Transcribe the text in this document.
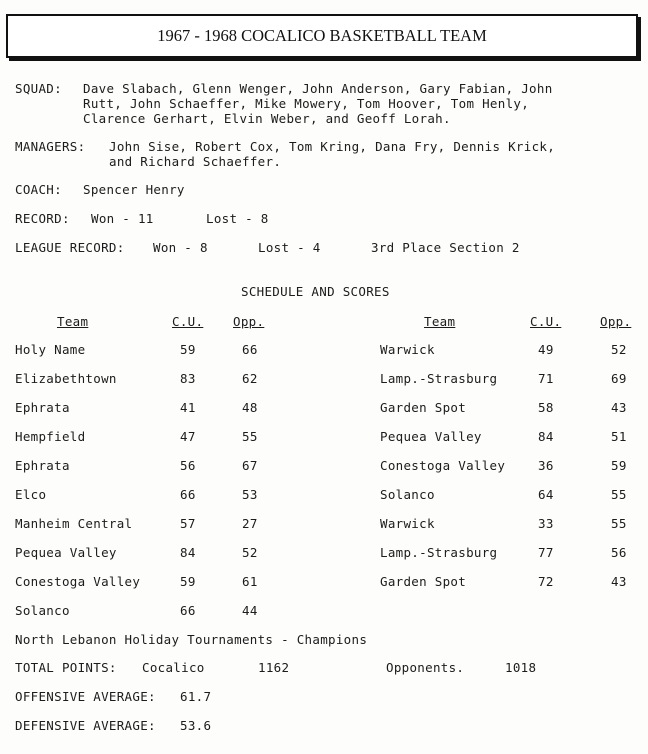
1967 - 1968 COCALICO BASKETBALL TEAM
SQUAD: Dave Slabach, Glenn Wenger, John Anderson, Gary Fabian, John
Rutt, John Schaeffer, Mike Mowery, Tom Hoover, Tom Henly,
Clarence Gerhart, Elvin Weber, and Geoff Lorah.
MANAGERS: John Sise, Robert Cox, Tom Kring, Dana Fry, Dennis Krick,
and Richard Schaeffer.
COACH: Spencer Henry
RECORD: Won - 11	Lost - 8
LEAGUE RECORD: Won - 8	Lost - 4	3rd Place Section 2
SCHEDULE AND SCORES
Team	C.U. Opp.	Team	C.U.	Opp.
Holy Name	59	66
Elizabethtown	83	62
Ephrata	41	48
Hempfield	47	55
Ephrata	56	67
Elco	66	53
Manheim Central	57	27
Pequea Valley	84	52
Conestoga Valley	59	61
Solanco	66	44
Warwick	49	52
Lamp.-Strasburg	71	69
Garden Spot	58	43
Pequea Valley	84	51
Conestoga Valley	36	59
Solanco	64	55
Warwick	33	55
Lamp.-Strasburg	77	56
Garden Spot	72	43
North Lebanon Holiday Tournaments - Champions
TOTAL POINTS: Cocalico	1162	Opponents.	1018
OFFENSIVE AVERAGE: 61.7
DEFENSIVE AVERAGE: 53.6
